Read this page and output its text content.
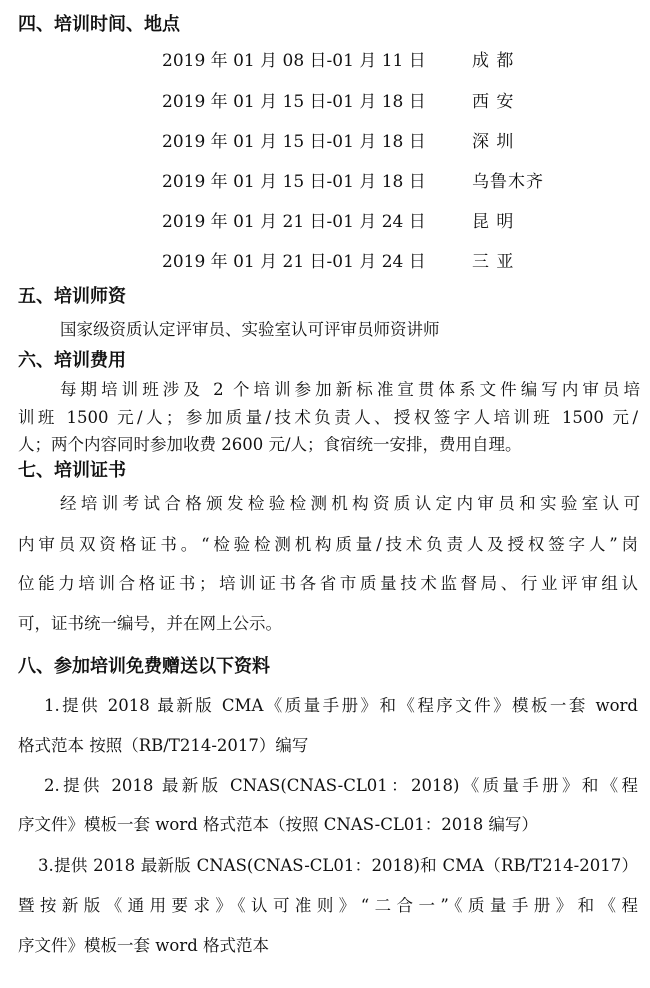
四、培训时间、地点
2019 年 01 月 08 日-01 月 11 日	成 都
2019 年 01 月 15 日-01 月 18 日	西 安
2019 年 01 月 15 日-01 月 18 日	深 圳
2019 年 01 月 15 日-01 月 18 日	乌鲁木齐
2019 年 01 月 21 日-01 月 24 日	昆 明
2019 年 01 月 21 日-01 月 24 日	三 亚
五、培训师资
国家级资质认定评审员、实验室认可评审员师资讲师
六、培训费用
每期培训班涉及 2 个培训参加新标准宣贯体系文件编写内审员培
训班 1500 元/人；参加质量/技术负责人、授权签字人培训班 1500 元/
人；两个内容同时参加收费 2600 元/人；食宿统一安排，费用自理。
七、培训证书
经培训考试合格颁发检验检测机构资质认定内审员和实验室认可
内审员双资格证书。“检验检测机构质量/技术负责人及授权签字人”岗
位能力培训合格证书；培训证书各省市质量技术监督局、行业评审组认
可，证书统一编号，并在网上公示。
八、参加培训免费赠送以下资料
1.提供 2018 最新版 CMA《质量手册》和《程序文件》模板一套 word
格式范本 按照（RB/T214-2017）编写
2.提供 2018 最新版 CNAS(CNAS-CL01：2018)《质量手册》和《程
序文件》模板一套 word 格式范本（按照 CNAS-CL01：2018 编写）
3.提供 2018 最新版 CNAS(CNAS-CL01：2018)和 CMA（RB/T214-2017）
暨按新版《通用要求》《认可准则》“二合一”《质量手册》和《程
序文件》模板一套 word 格式范本
